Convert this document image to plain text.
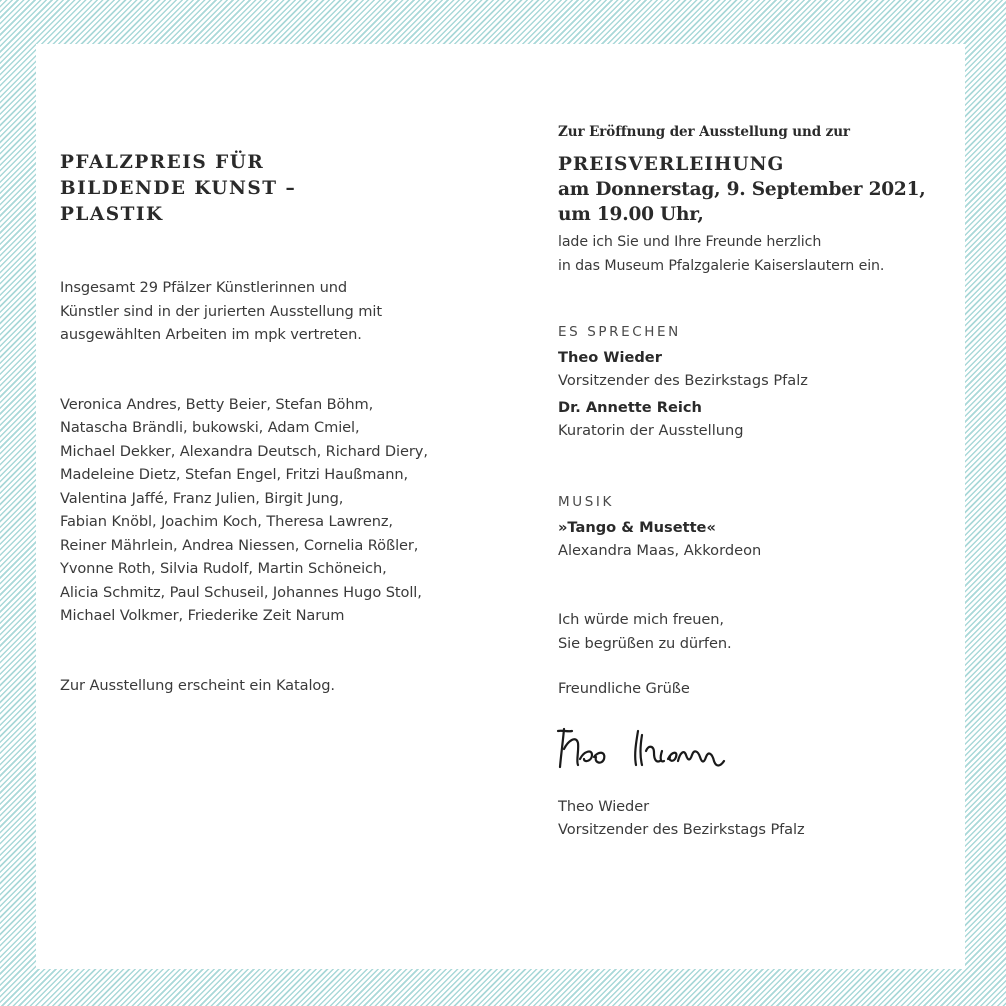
PFALZPREIS FÜR
BILDENDE KUNST –
PLASTIK

Insgesamt 29 Pfälzer Künstlerinnen und
Künstler sind in der jurierten Ausstellung mit
ausgewählten Arbeiten im mpk vertreten.

Veronica Andres, Betty Beier, Stefan Böhm,
Natascha Brändli, bukowski, Adam Cmiel,
Michael Dekker, Alexandra Deutsch, Richard Diery,
Madeleine Dietz, Stefan Engel, Fritzi Haußmann,
Valentina Jaffé, Franz Julien, Birgit Jung,
Fabian Knöbl, Joachim Koch, Theresa Lawrenz,
Reiner Mährlein, Andrea Niessen, Cornelia Rößler,
Yvonne Roth, Silvia Rudolf, Martin Schöneich,
Alicia Schmitz, Paul Schuseil, Johannes Hugo Stoll,
Michael Volkmer, Friederike Zeit Narum

Zur Ausstellung erscheint ein Katalog.

Zur Eröffnung der Ausstellung und zur

PREISVERLEIHUNG
am Donnerstag, 9. September 2021,
um 19.00 Uhr,

lade ich Sie und Ihre Freunde herzlich
in das Museum Pfalzgalerie Kaiserslautern ein.

ES SPRECHEN

Theo Wieder

Vorsitzender des Bezirkstags Pfalz

Dr. Annette Reich

Kuratorin der Ausstellung

MUSIK

»Tango & Musette«

Alexandra Maas, Akkordeon

Ich würde mich freuen,
Sie begrüßen zu dürfen.

Freundliche Grüße

Theo Wieder
Vorsitzender des Bezirkstags Pfalz
